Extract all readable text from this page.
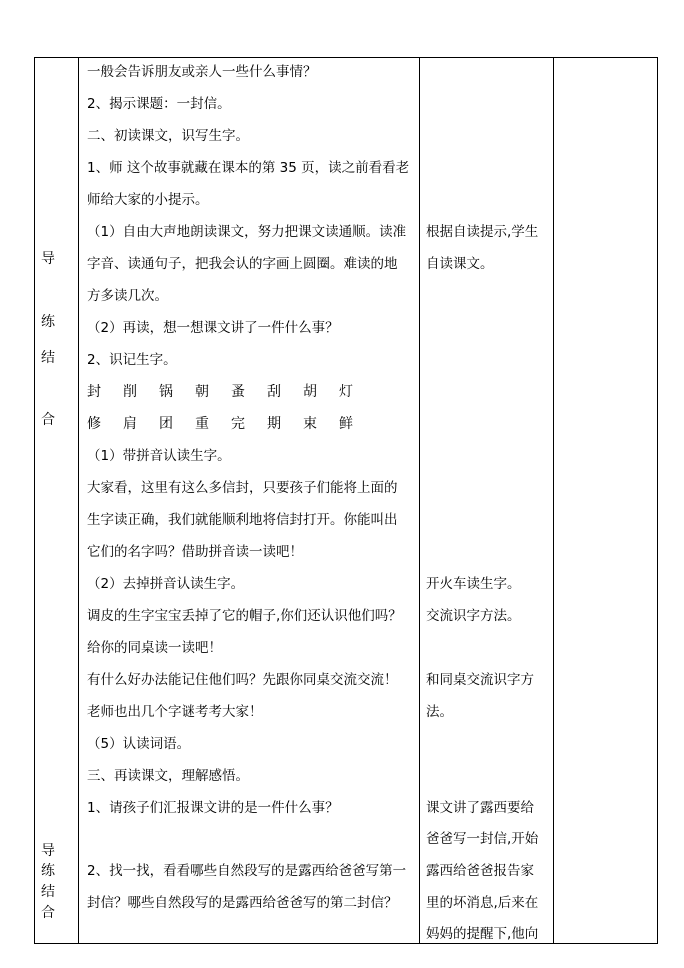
导
练
结
合
导
练
结
合
一般会告诉朋友或亲人一些什么事情？
2、揭示课题：一封信。
二、初读课文，识写生字。
1、师 这个故事就藏在课本的第 35 页，读之前看看老
师给大家的小提示。
（1）自由大声地朗读课文，努力把课文读通顺。读准
字音、读通句子，把我会认的字画上圆圈。难读的地
方多读几次。
（2）再读，想一想课文讲了一件什么事？
2、识记生字。
封 削 锅 朝 蚤 刮 胡 灯
修 肩 团 重 完 期 束 鲜
（1）带拼音认读生字。
大家看，这里有这么多信封，只要孩子们能将上面的
生字读正确，我们就能顺利地将信封打开。你能叫出
它们的名字吗？借助拼音读一读吧！
（2）去掉拼音认读生字。
调皮的生字宝宝丢掉了它的帽子,你们还认识他们吗？
给你的同桌读一读吧！
有什么好办法能记住他们吗？先跟你同桌交流交流！
老师也出几个字谜考考大家！
（5）认读词语。
三、再读课文，理解感悟。
1、请孩子们汇报课文讲的是一件什么事？
2、找一找，看看哪些自然段写的是露西给爸爸写第一
封信？哪些自然段写的是露西给爸爸写的第二封信？
根据自读提示,学生
自读课文。
开火车读生字。
交流识字方法。
和同桌交流识字方
法。
课文讲了露西要给
爸爸写一封信,开始
露西给爸爸报告家
里的坏消息,后来在
妈妈的提醒下,他向
